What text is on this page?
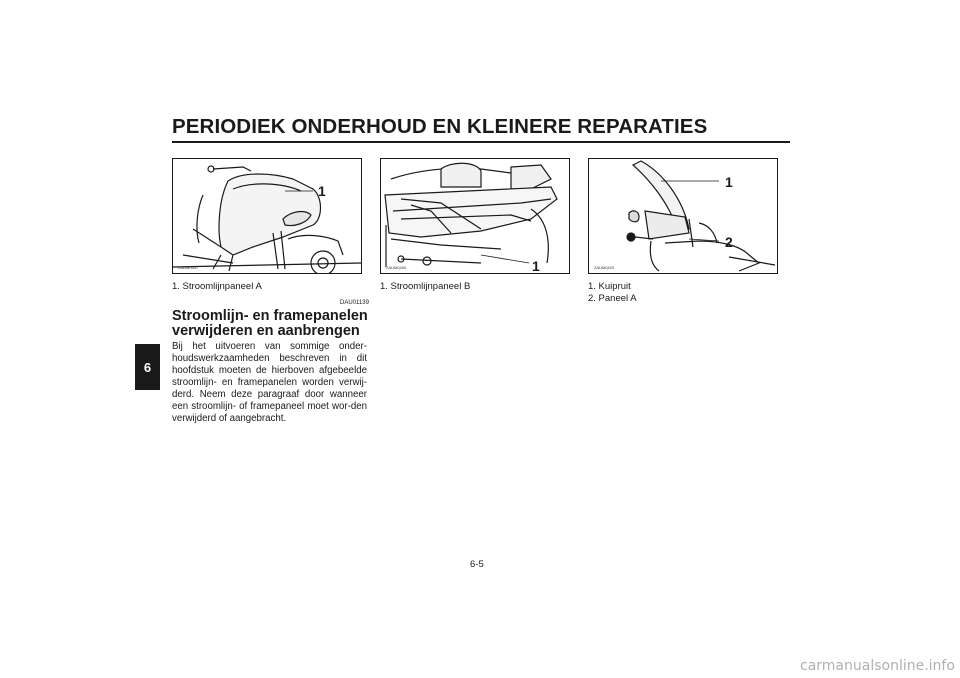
PERIODIEK ONDERHOUD EN KLEINERE REPARATIES
6
1
ZAUM0437	1
ZAUM0400
1
2
ZAUM0420
1. Stroomlijnpaneel A	1. Stroomlijnpaneel B	1. Kuipruit
2. Paneel A
DAU01139
Stroomlijn- en framepanelen verwijderen en aanbrengen
Bij het uitvoeren van sommige onder-houdswerkzaamheden beschreven in dit hoofdstuk moeten de hierboven afgebeelde stroomlijn- en framepanelen worden verwij-derd. Neem deze paragraaf door wanneer een stroomlijn- of framepaneel moet wor-den verwijderd of aangebracht.
6-5
carmanualsonline.info
